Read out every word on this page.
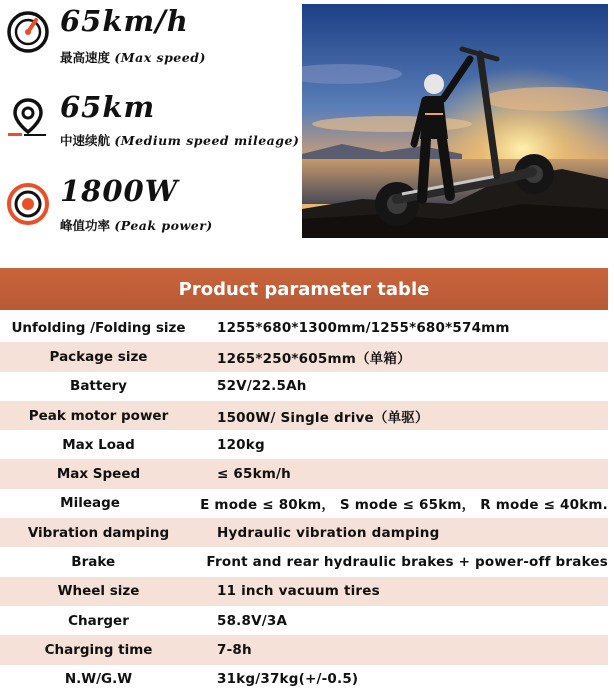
65km/h
最高速度 (Max speed)
65km
中速续航 (Medium speed mileage)
1800W
峰值功率 (Peak power)
Product parameter table
Unfolding /Folding size	1255*680*1300mm/1255*680*574mm
Package size	1265*250*605mm（单箱）
Battery	52V/22.5Ah
Peak motor power	1500W/ Single drive（单驱）
Max Load	120kg
Max Speed	≤ 65km/h
Mileage	E mode ≤ 80km， S mode ≤ 65km， R mode ≤ 40km.
Vibration damping	Hydraulic vibration damping
Brake	Front and rear hydraulic brakes + power-off brakes
Wheel size	11 inch vacuum tires
Charger	58.8V/3A
Charging time	7-8h
N.W/G.W	31kg/37kg(+/-0.5)
